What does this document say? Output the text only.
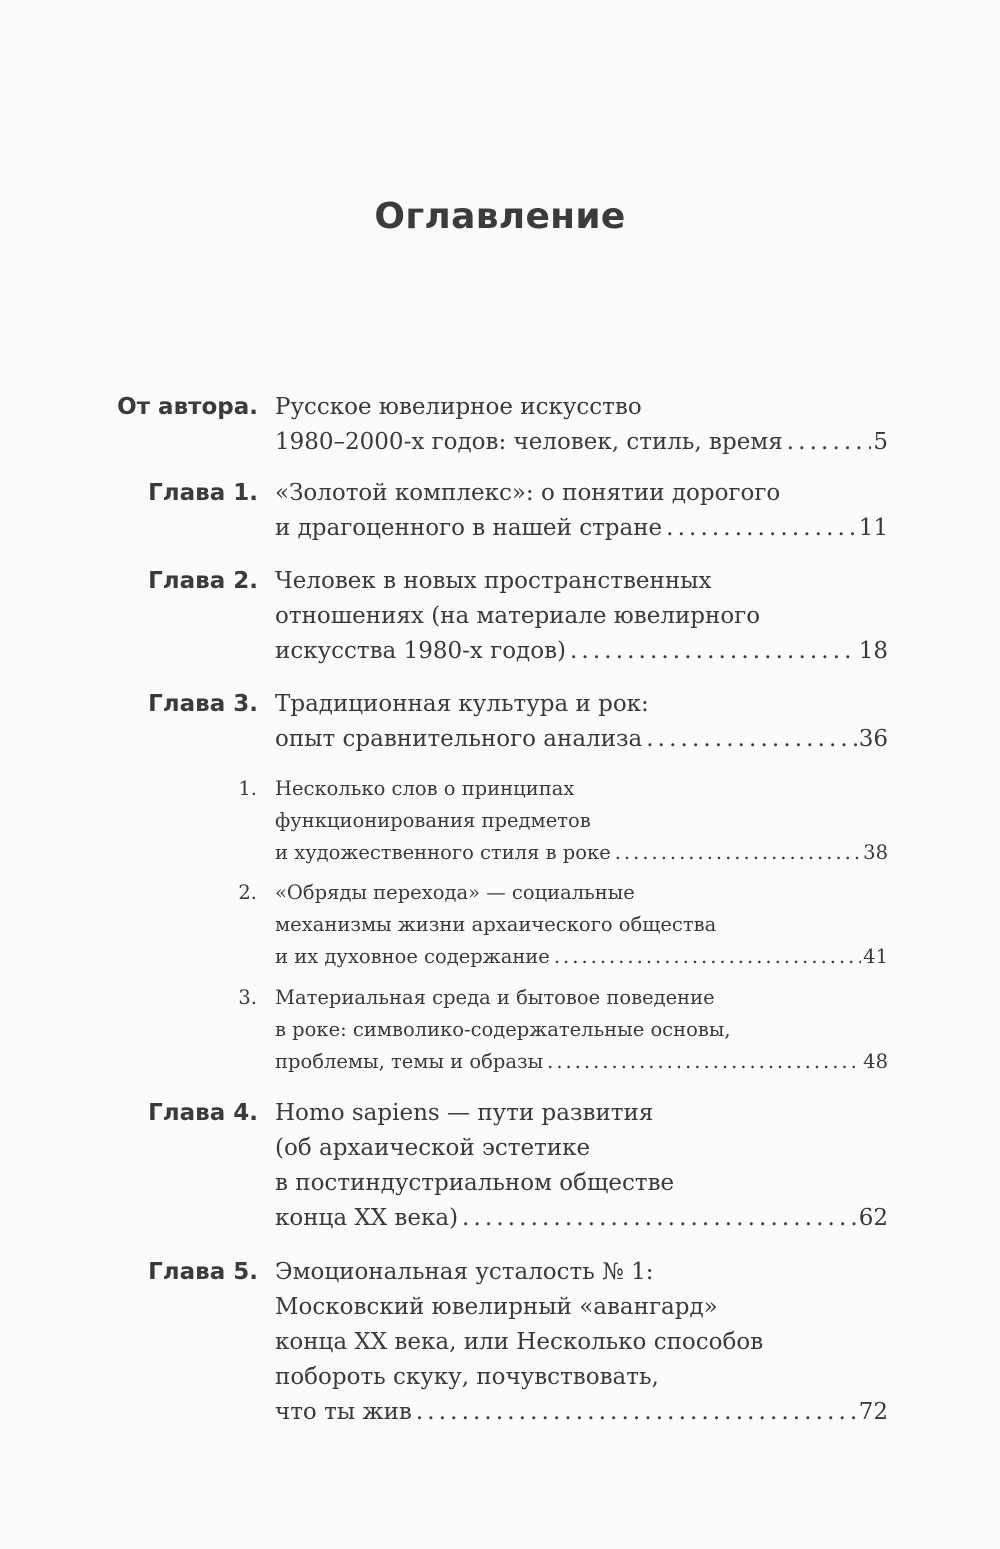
Оглавление
От автора. Русское ювелирное искусство
1980–2000-х годов: человек, стиль, время . . .	5
Глава 1. «Золотой комплекс»: о понятии дорогого
и драгоценного в нашей стране . . .	11
Глава 2. Человек в новых пространственных
отношениях (на материале ювелирного
искусства 1980-х годов) . . .	18
Глава 3. Традиционная культура и рок:
опыт сравнительного анализа . . .	36
1. Несколько слов о принципах
функционирования предметов
и художественного стиля в роке . . .	38
2. «Обряды перехода» — социальные
механизмы жизни архаического общества
и их духовное содержание . . .	41
3. Материальная среда и бытовое поведение
в роке: символико-содержательные основы,
проблемы, темы и образы . . .	48
Глава 4. Homo sapiens — пути развития
(об архаической эстетике
в постиндустриальном обществе
конца XX века) . . .	62
Глава 5. Эмоциональная усталость № 1:
Московский ювелирный «авангард»
конца XX века, или Несколько способов
побороть скуку, почувствовать,
что ты жив . . .	72
